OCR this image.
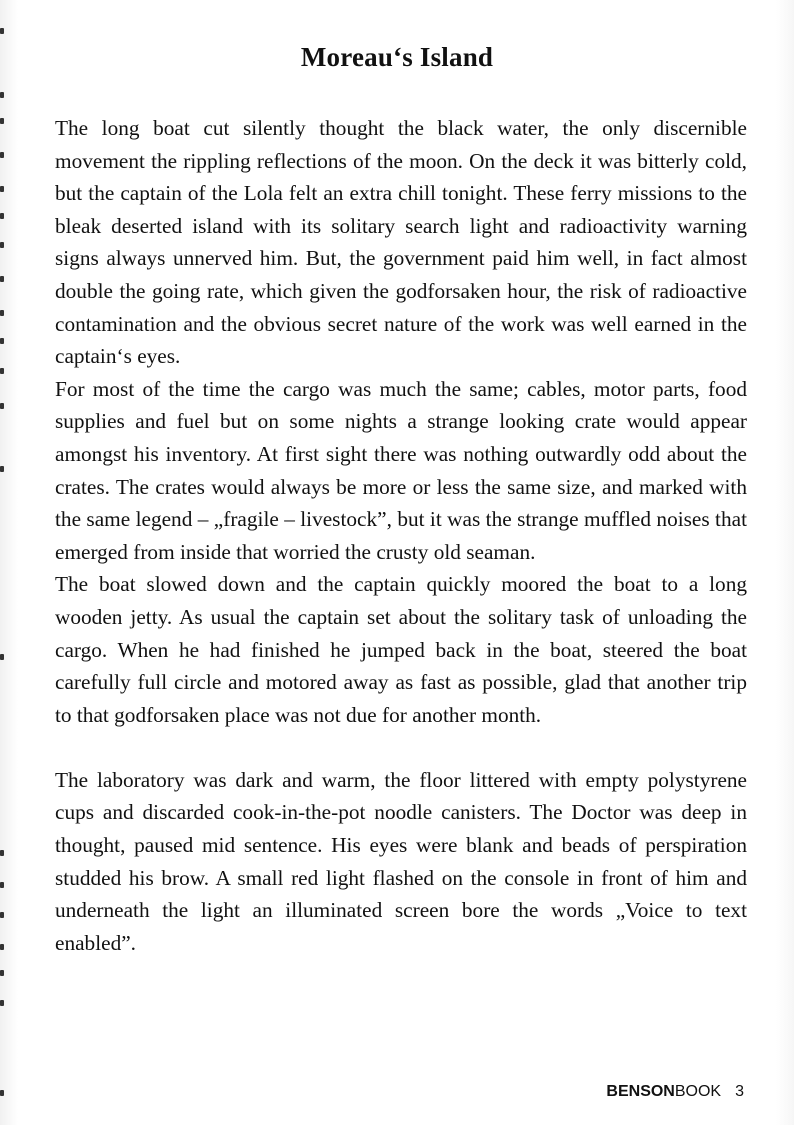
Moreau‘s Island

The long boat cut silently thought the black water, the only discernible movement the rippling reflections of the moon. On the deck it was bitterly cold, but the captain of the Lola felt an extra chill tonight. These ferry missions to the bleak deserted island with its solitary search light and radioactivity warning signs always unnerved him. But, the government paid him well, in fact almost double the going rate, which given the godforsaken hour, the risk of radioactive contamination and the obvious secret nature of the work was well earned in the captain‘s eyes.

For most of the time the cargo was much the same; cables, motor parts, food supplies and fuel but on some nights a strange looking crate would appear amongst his inventory. At first sight there was nothing outwardly odd about the crates. The crates would always be more or less the same size, and marked with the same legend – „fragile – livestock”, but it was the strange muffled noises that emerged from inside that worried the crusty old seaman.

The boat slowed down and the captain quickly moored the boat to a long wooden jetty. As usual the captain set about the solitary task of unloading the cargo. When he had finished he jumped back in the boat, steered the boat carefully full circle and motored away as fast as possible, glad that another trip to that godforsaken place was not due for another month.

The laboratory was dark and warm, the floor littered with empty polystyrene cups and discarded cook-in-the-pot noodle canisters. The Doctor was deep in thought, paused mid sentence. His eyes were blank and beads of perspiration studded his brow. A small red light flashed on the console in front of him and underneath the light an illuminated screen bore the words „Voice to text enabled”.

BENSONBOOK 3
